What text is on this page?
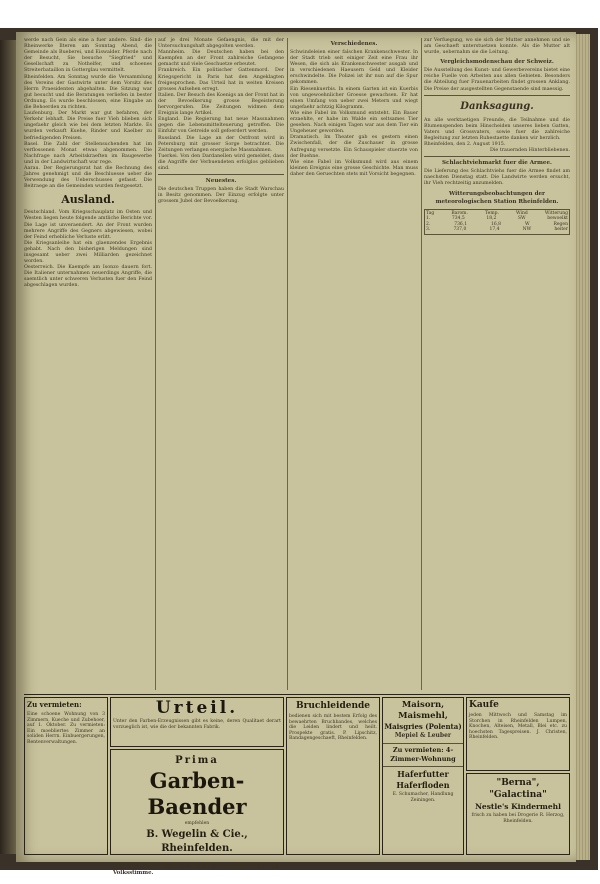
werde nach Gein als eine a fuer andere. Sind- die Rheinwerke Ilteren am Sonntag Abend, die Gemeinde als Bueberei, und Eiswalder. Pferde nach der Besucht, Sie besuche "Siegfried" und Gesellschaft zu Nothelfer, und schoenes Streiterbataillon in Gotterglau vermittelt.

Rheinfelden. Am Sonntag wurde die Versammlung des Vereins der Gastwirte unter dem Vorsitz des Herrn Praesidenten abgehalten. Die Sitzung war gut besucht und die Beratungen verliefen in bester Ordnung. Es wurde beschlossen, eine Eingabe an die Behoerden zu richten.

Laufenburg. Der Markt war gut befahren, der Verkehr lebhaft. Die Preise fuer Vieh blieben sich ungefaehr gleich wie bei dem letzten Markte. Es wurden verkauft Kuehe, Rinder und Kaelber zu befriedigenden Preisen.

Basel. Die Zahl der Stellensuchenden hat im verflossenen Monat etwas abgenommen. Die Nachfrage nach Arbeitskraeften im Baugewerbe und in der Landwirtschaft war rege.

Aarau. Der Regierungsrat hat die Rechnung des Jahres genehmigt und die Beschluesse ueber die Verwendung des Ueberschusses gefasst. Die Beitraege an die Gemeinden wurden festgesetzt.

Ausland.

Deutschland. Vom Kriegsschauplatz im Osten und Westen liegen heute folgende amtliche Berichte vor. Die Lage ist unveraendert. An der Front wurden mehrere Angriffe des Gegners abgewiesen, wobei der Feind erhebliche Verluste erlitt.

Die Kriegsanleihe hat ein glaenzendes Ergebnis gehabt. Nach den bisherigen Meldungen sind insgesamt ueber zwei Milliarden gezeichnet worden.

Oesterreich. Die Kaempfe am Isonzo dauern fort. Die Italiener unternahmen neuerdings Angriffe, die saemtlich unter schweren Verlusten fuer den Feind abgeschlagen wurden.

auf je drei Monate Gefaengnis, die mit der Untersuchungshaft abgegolten werden.

Mannheim. Die Deutschen haben bei den Kaempfen an der Front zahlreiche Gefangene gemacht und viele Geschuetze erbeutet.

Frankreich. Ein politischer Gattenmord. Der Kriegsgericht in Paris hat den Angeklagten freigesprochen. Das Urteil hat in weiten Kreisen grosses Aufsehen erregt.

Italien. Der Besuch des Koenigs an der Front hat in der Bevoelkerung grosse Begeisterung hervorgerufen. Die Zeitungen widmen dem Ereignis lange Artikel.

England. Die Regierung hat neue Massnahmen gegen die Lebensmittelteuerung getroffen. Die Einfuhr von Getreide soll gefoerdert werden.

Russland. Die Lage an der Ostfront wird in Petersburg mit grosser Sorge betrachtet. Die Zeitungen verlangen energische Massnahmen.

Tuerkei. Von den Dardanellen wird gemeldet, dass die Angriffe der Verbuendeten erfolglos geblieben sind.

Neuestes.

Die deutschen Truppen haben die Stadt Warschau in Besitz genommen. Der Einzug erfolgte unter grossem Jubel der Bevoelkerung.

Verschiedenes.

Schwindeleien einer falschen Krankenschwester. In der Stadt trieb seit einiger Zeit eine Frau ihr Wesen, die sich als Krankenschwester ausgab und in verschiedenen Haeusern Geld und Kleider erschwindelte. Die Polizei ist ihr nun auf die Spur gekommen.

Ein Riesenkuerbis. In einem Garten ist ein Kuerbis von ungewoehnlicher Groesse gewachsen. Er hat einen Umfang von ueber zwei Metern und wiegt ungefaehr achtzig Kilogramm.

Wie eine Fabel im Volksmund entsteht. Ein Bauer erzaehlte, er habe im Walde ein seltsames Tier gesehen. Nach einigen Tagen war aus dem Tier ein Ungeheuer geworden.

Dramatisch. Im Theater gab es gestern einen Zwischenfall, der die Zuschauer in grosse Aufregung versetzte. Ein Schauspieler stuerzte von der Buehne.

Wie eine Fabel im Volksmund wird aus einem kleinen Ereignis eine grosse Geschichte. Man muss daher den Geruechten stets mit Vorsicht begegnen.

zur Verfuegung, wo sie sich der Mutter annehmen und sie am Geschaeft unterstuetzen konnte. Als die Mutter alt wurde, uebernahm sie die Leitung.

Vergleichsmodenschau der Schweiz.

Die Ausstellung des Kunst- und Gewerbevereins bietet eine reiche Fuelle von Arbeiten aus allen Gebieten. Besonders die Abteilung fuer Frauenarbeiten findet grossen Anklang. Die Preise der ausgestellten Gegenstaende sind maessig.

Danksagung.

An alle werktaetigen Freunde, die Teilnahme und die Blumenspenden beim Hinscheiden unseres lieben Gatten, Vaters und Grossvaters, sowie fuer die zahlreiche Begleitung zur letzten Ruhestaette danken wir herzlich.

Rheinfelden, den 2. August 1915.

Die trauernden Hinterbliebenen.

Schlachtviehmarkt fuer die Armee.

Die Lieferung des Schlachtviehs fuer die Armee findet am naechsten Dienstag statt. Die Landwirte werden ersucht, ihr Vieh rechtzeitig anzumelden.

Witterungsbeobachtungen der meteorologischen Station Rheinfelden.
Tag	Barom.	Temp.	Wind	Witterung
1.	734,5	18,2	SW	bewoelkt
2.	736,1	16,8	W	Regen
3.	737,0	17,4	NW	heiter
Zu vermieten:
Eine schoene Wohnung von 3 Zimmern, Kueche und Zubehoer, auf 1. Oktober. Zu vermieten: Ein moebliertes Zimmer an soliden Herrn. Einbuergerungen, Rentenverwaltungen.
Urteil.
Unter den Farben-Erzeugnissen gibt es keine, deren Qualitaet derart vorzueglich ist, wie die der bekannten Fabrik.
Prima
Garben-Baender
empfehlen
B. Wegelin & Cie., Rheinfelden.
Couverts mit Firmadruck liefert die Buchdruckerei der Volksstimme.
Bruchleidende
bedienen sich mit bestem Erfolg des bewaehrten Bruchbandes, welches die Leiden lindert und heilt. Prospekte gratis. P. Lipschitz, Bandagengeschaeft, Rheinfelden.
Maisorn, Maismehl,
Maisgries (Polenta)
Mepiel & Leuber
Zu vermieten: 4-Zimmer-Wohnung
Haferfutter Haferfloden
E. Schumacher, Handlung Zeiningen.
Kaufe
jeden Mittwoch und Samstag im Storchen in Rheinfelden Lumpen, Knochen, Alteisen, Metall, Blei etc. zu hoechsten Tagespreisen. J. Christen, Rheinfelden.
"Berna",
"Galactina"
Nestle's Kindermehl
frisch zu haben bei Drogerie R. Herzog, Rheinfelden.
